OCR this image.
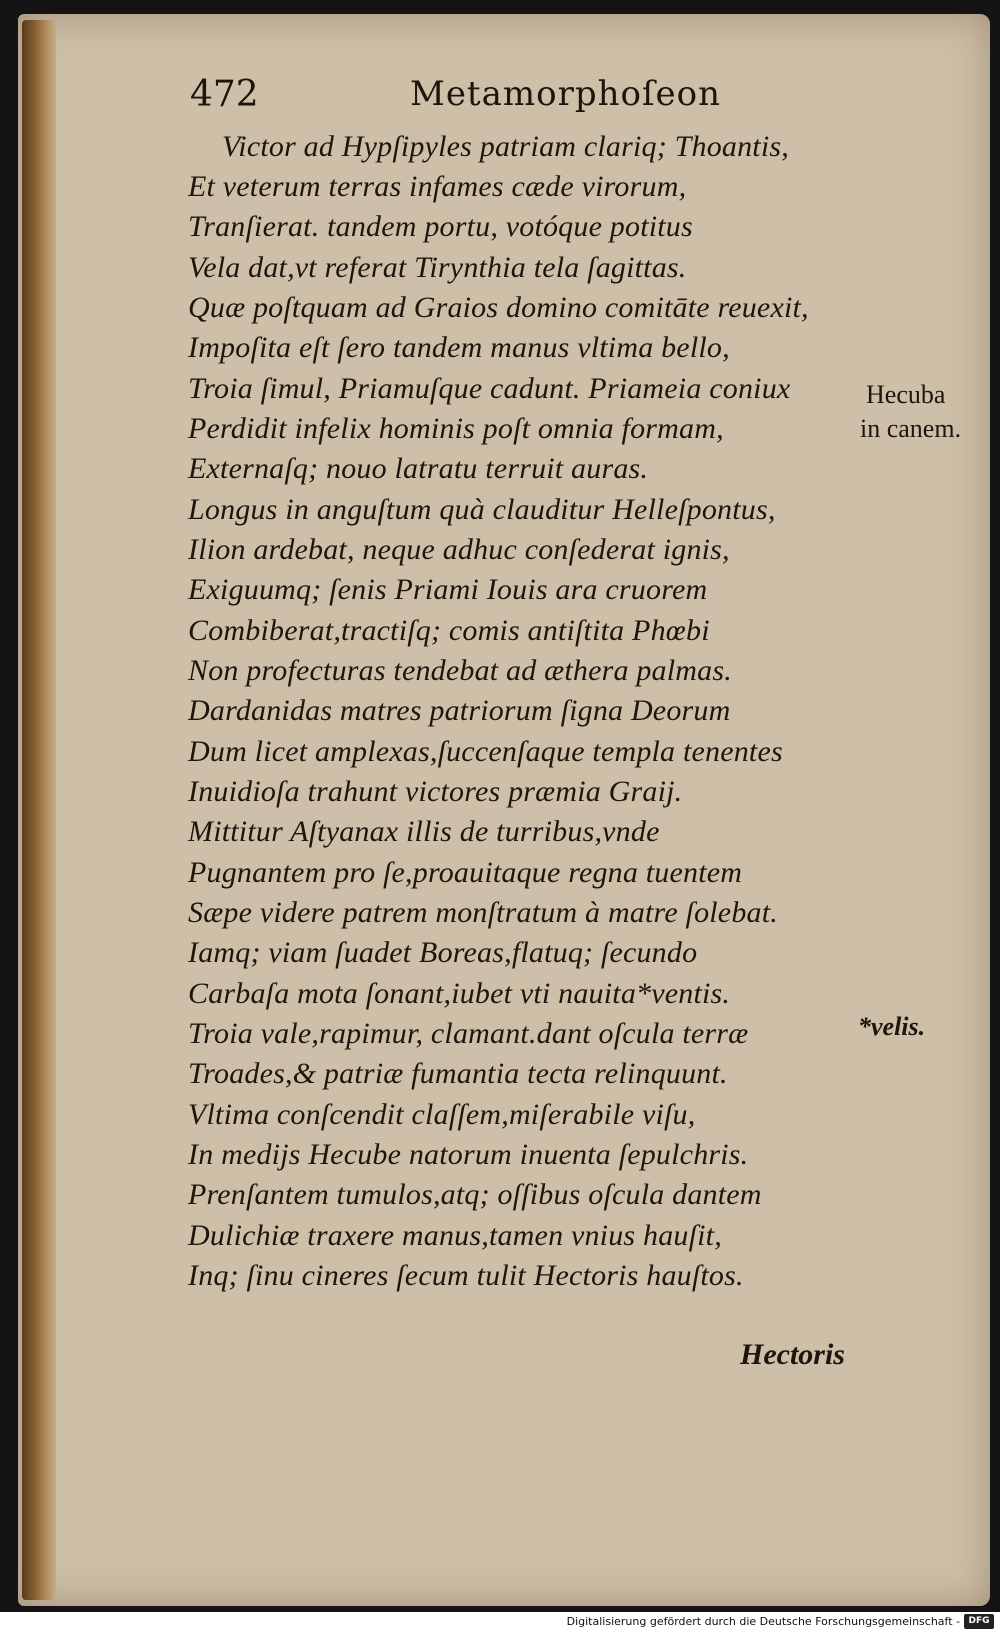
472	Metamorphoſeon
Victor ad Hypſipyles patriam clariq; Thoantis,
Et veterum terras infames cæde virorum,
Tranſierat. tandem portu, votóque potitus
Vela dat,vt referat Tirynthia tela ſagittas.
Quæ poſtquam ad Graios domino comitāte reuexit,
Impoſita eſt ſero tandem manus vltima bello,
Troia ſimul, Priamuſque cadunt. Priameia coniux
Perdidit infelix hominis poſt omnia formam,
Externaſq; nouo latratu terruit auras.
Longus in anguſtum quà clauditur Helleſpontus,
Ilion ardebat, neque adhuc conſederat ignis,
Exiguumq; ſenis Priami Iouis ara cruorem
Combiberat,tractiſq; comis antiſtita Phœbi
Non profecturas tendebat ad æthera palmas.
Dardanidas matres patriorum ſigna Deorum
Dum licet amplexas,ſuccenſaque templa tenentes
Inuidioſa trahunt victores præmia Graij.
Mittitur Aſtyanax illis de turribus,vnde
Pugnantem pro ſe,proauitaque regna tuentem
Sæpe videre patrem monſtratum à matre ſolebat.
Iamq; viam ſuadet Boreas,flatuq; ſecundo
Carbaſa mota ſonant,iubet vti nauita*ventis.
Troia vale,rapimur, clamant.dant oſcula terræ
Troades,& patriæ fumantia tecta relinquunt.
Vltima conſcendit claſſem,miſerabile viſu,
In medijs Hecube natorum inuenta ſepulchris.
Prenſantem tumulos,atq; oſſibus oſcula dantem
Dulichiæ traxere manus,tamen vnius hauſit,
Inq; ſinu cineres ſecum tulit Hectoris hauſtos.
Hecuba
in canem.
*velis.
Hectoris
Digitalisierung gefördert durch die Deutsche Forschungsgemeinschaft - DFG
